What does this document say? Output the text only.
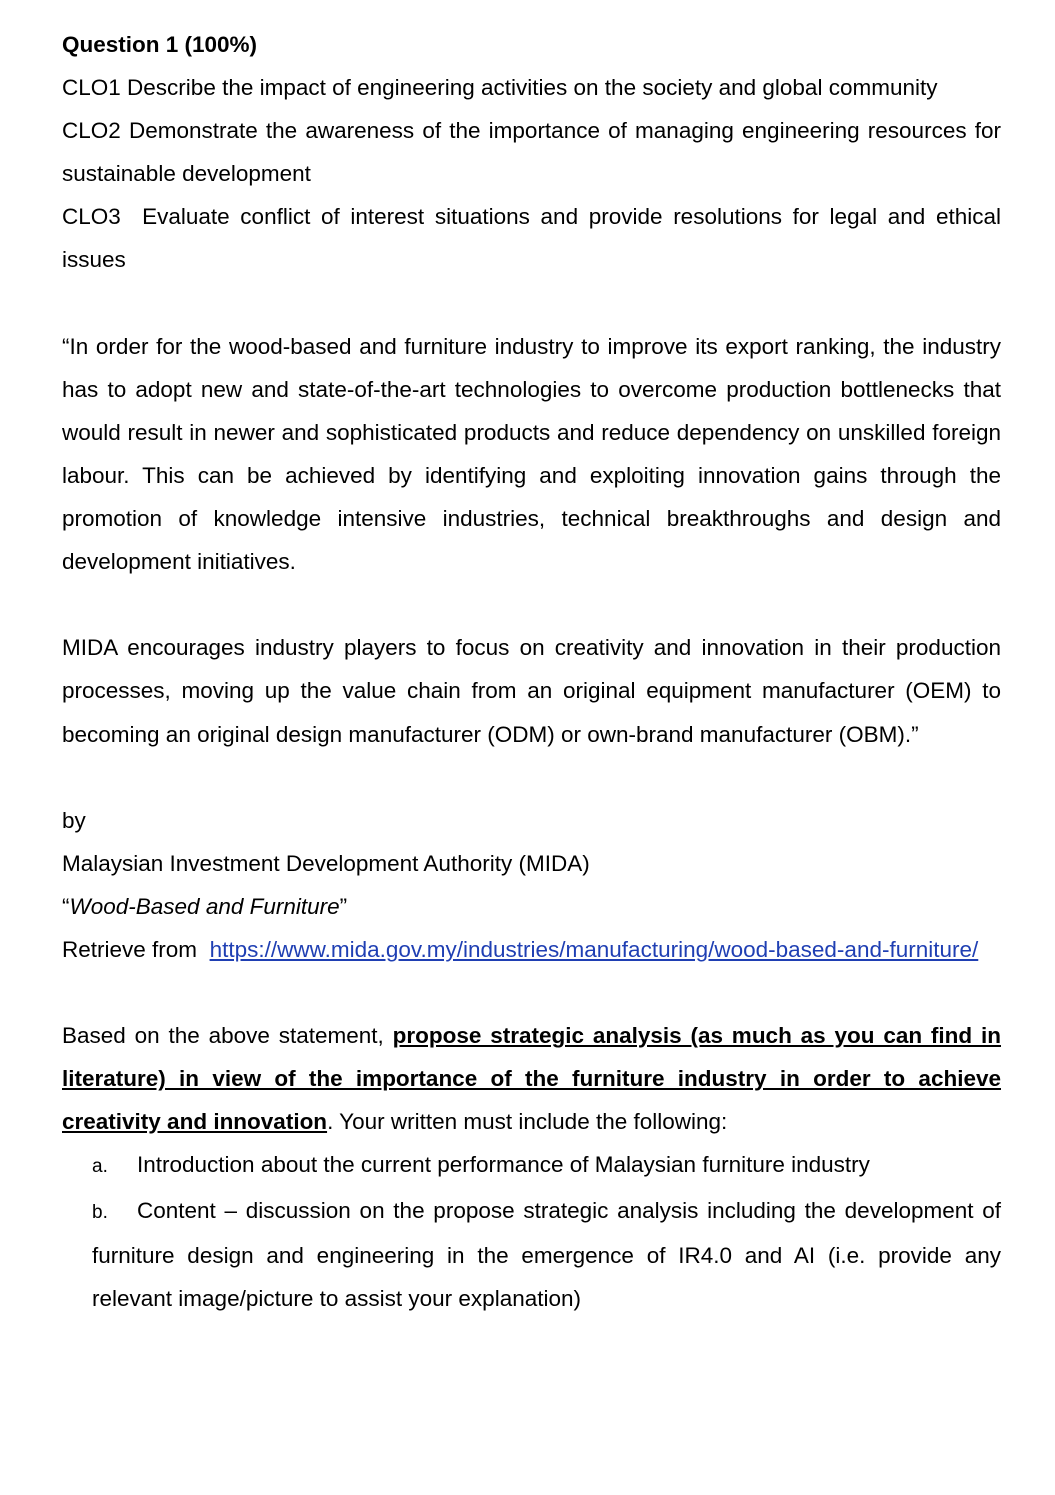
Question 1 (100%)

CLO1 Describe the impact of engineering activities on the society and global community

CLO2 Demonstrate the awareness of the importance of managing engineering resources for sustainable development

CLO3 Evaluate conflict of interest situations and provide resolutions for legal and ethical issues

“In order for the wood-based and furniture industry to improve its export ranking, the industry has to adopt new and state-of-the-art technologies to overcome production bottlenecks that would result in newer and sophisticated products and reduce dependency on unskilled foreign labour. This can be achieved by identifying and exploiting innovation gains through the promotion of knowledge intensive industries, technical breakthroughs and design and development initiatives.

MIDA encourages industry players to focus on creativity and innovation in their production processes, moving up the value chain from an original equipment manufacturer (OEM) to becoming an original design manufacturer (ODM) or own-brand manufacturer (OBM).”

by

Malaysian Investment Development Authority (MIDA)

“Wood-Based and Furniture”

Retrieve from https://www.mida.gov.my/industries/manufacturing/wood-based-and-furniture/

Based on the above statement, propose strategic analysis (as much as you can find in literature) in view of the importance of the furniture industry in order to achieve creativity and innovation. Your written must include the following:

a. Introduction about the current performance of Malaysian furniture industry
b. Content – discussion on the propose strategic analysis including the development of furniture design and engineering in the emergence of IR4.0 and AI (i.e. provide any relevant image/picture to assist your explanation)
